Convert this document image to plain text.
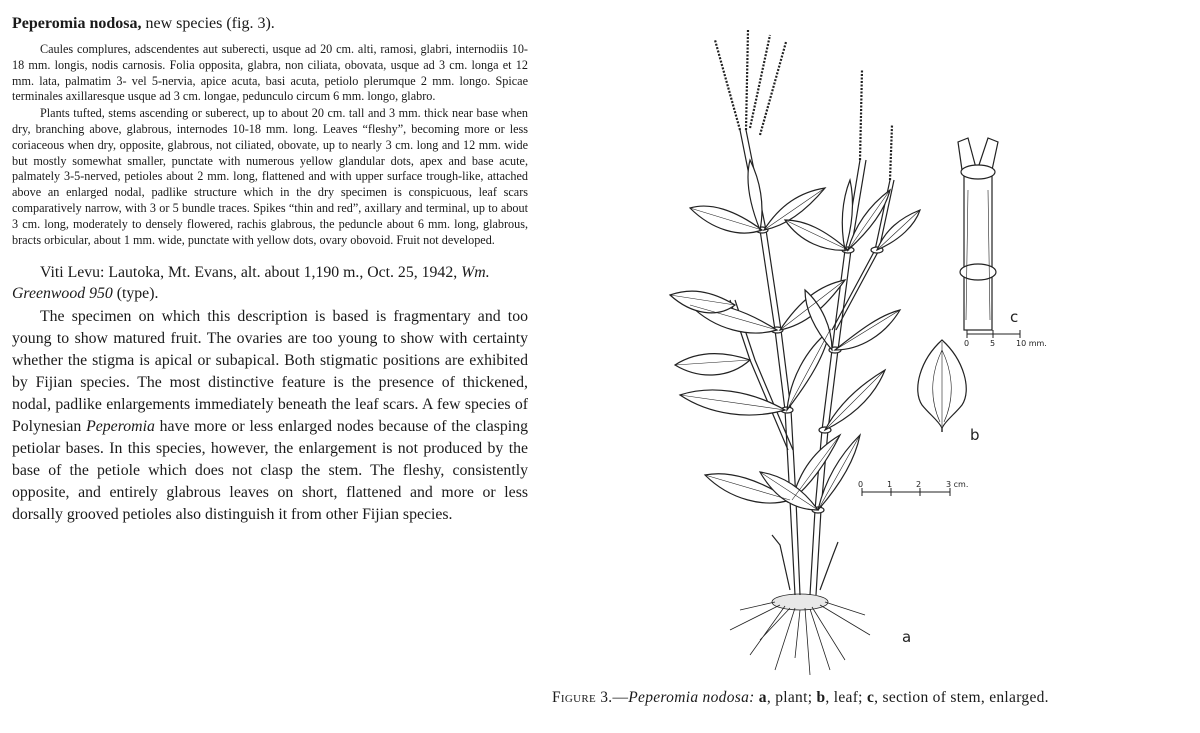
Peperomia nodosa, new species (fig. 3).

Caules complures, adscendentes aut suberecti, usque ad 20 cm. alti, ramosi, glabri, internodiis 10-18 mm. longis, nodis carnosis. Folia opposita, glabra, non ciliata, obovata, usque ad 3 cm. longa et 12 mm. lata, palmatim 3- vel 5-nervia, apice acuta, basi acuta, petiolo plerumque 2 mm. longo. Spicae terminales axillaresque usque ad 3 cm. longae, pedunculo circum 6 mm. longo, glabro.

Plants tufted, stems ascending or suberect, up to about 20 cm. tall and 3 mm. thick near base when dry, branching above, glabrous, internodes 10-18 mm. long. Leaves “fleshy”, becoming more or less coriaceous when dry, opposite, glabrous, not ciliated, obovate, up to nearly 3 cm. long and 12 mm. wide but mostly somewhat smaller, punctate with numerous yellow glandular dots, apex and base acute, palmately 3-5-nerved, petioles about 2 mm. long, flattened and with upper surface trough-like, attached above an enlarged nodal, padlike structure which in the dry specimen is conspicuous, leaf scars comparatively narrow, with 3 or 5 bundle traces. Spikes “thin and red”, axillary and terminal, up to about 3 cm. long, moderately to densely flowered, rachis glabrous, the peduncle about 6 mm. long, glabrous, bracts orbicular, about 1 mm. wide, punctate with yellow dots, ovary obovoid. Fruit not developed.

Viti Levu: Lautoka, Mt. Evans, alt. about 1,190 m., Oct. 25, 1942, Wm. Greenwood 950 (type).

The specimen on which this description is based is fragmentary and too young to show matured fruit. The ovaries are too young to show with certainty whether the stigma is apical or subapical. Both stigmatic positions are exhibited by Fijian species. The most distinctive feature is the presence of thickened, nodal, padlike enlargements immediately beneath the leaf scars. A few species of Polynesian Peperomia have more or less enlarged nodes because of the clasping petiolar bases. In this species, however, the enlargement is not produced by the base of the petiole which does not clasp the stem. The fleshy, consistently opposite, and entirely glabrous leaves on short, flattened and more or less dorsally grooved petioles also distinguish it from other Fijian species.

a
b
c
0	1	2	3 cm.
0	5	10 mm.
Figure 3.—Peperomia nodosa: a, plant; b, leaf; c, section of stem, enlarged.
